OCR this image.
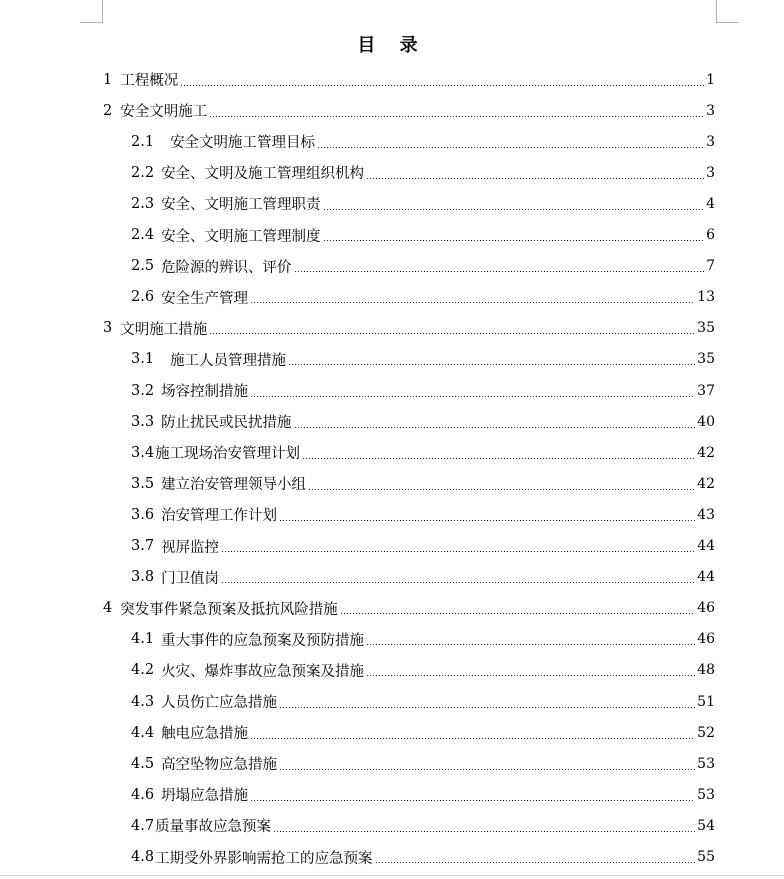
目 录
1 工程概况	1
2 安全文明施工	3
2.1 安全文明施工管理目标	3
2.2 安全、文明及施工管理组织机构	3
2.3 安全、文明施工管理职责	4
2.4 安全、文明施工管理制度	6
2.5 危险源的辨识、评价	7
2.6 安全生产管理	13
3 文明施工措施	35
3.1 施工人员管理措施	35
3.2 场容控制措施	37
3.3 防止扰民或民扰措施	40
3.4 施工现场治安管理计划	42
3.5 建立治安管理领导小组	42
3.6 治安管理工作计划	43
3.7 视屏监控	44
3.8 门卫值岗	44
4 突发事件紧急预案及抵抗风险措施	46
4.1 重大事件的应急预案及预防措施	46
4.2 火灾、爆炸事故应急预案及措施	48
4.3 人员伤亡应急措施	51
4.4 触电应急措施	52
4.5 高空坠物应急措施	53
4.6 坍塌应急措施	53
4.7 质量事故应急预案	54
4.8 工期受外界影响需抢工的应急预案	55
